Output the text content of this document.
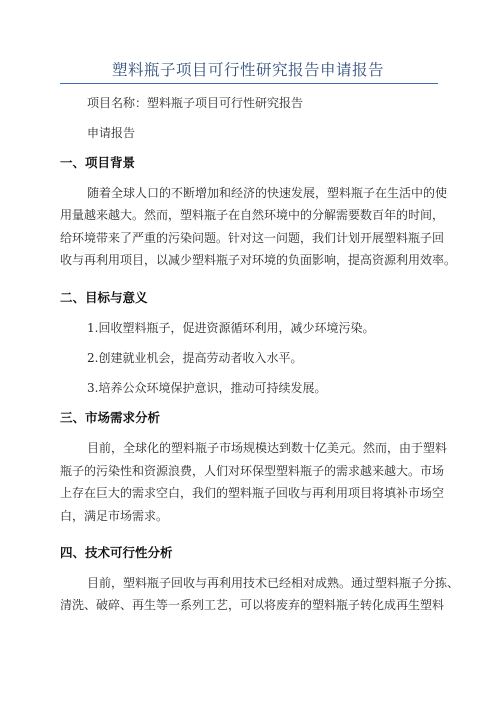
塑料瓶子项目可行性研究报告申请报告
项目名称：塑料瓶子项目可行性研究报告
申请报告
一、项目背景
随着全球人口的不断增加和经济的快速发展，塑料瓶子在生活中的使
用量越来越大。然而，塑料瓶子在自然环境中的分解需要数百年的时间，
给环境带来了严重的污染问题。针对这一问题，我们计划开展塑料瓶子回
收与再利用项目，以减少塑料瓶子对环境的负面影响，提高资源利用效率。
二、目标与意义
1.回收塑料瓶子，促进资源循环利用，减少环境污染。
2.创建就业机会，提高劳动者收入水平。
3.培养公众环境保护意识，推动可持续发展。
三、市场需求分析
目前，全球化的塑料瓶子市场规模达到数十亿美元。然而，由于塑料
瓶子的污染性和资源浪费，人们对环保型塑料瓶子的需求越来越大。市场
上存在巨大的需求空白，我们的塑料瓶子回收与再利用项目将填补市场空
白，满足市场需求。
四、技术可行性分析
目前，塑料瓶子回收与再利用技术已经相对成熟。通过塑料瓶子分拣、
清洗、破碎、再生等一系列工艺，可以将废弃的塑料瓶子转化成再生塑料
